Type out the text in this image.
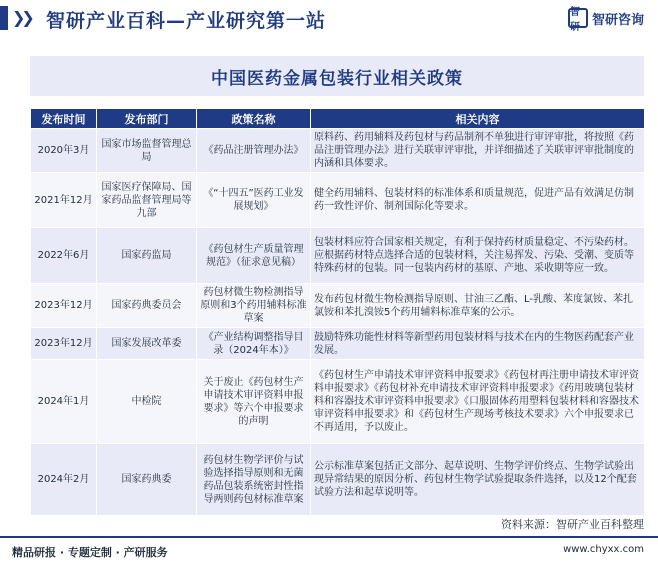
❯❯ 智研产业百科—产业研究第一站	智研 智研咨询
中国医药金属包装行业相关政策
发布时间	发布部门	政策名称	相关内容
2020年3月	国家市场监督管理总局	《药品注册管理办法》	原料药、药用辅料及药包材与药品制剂不单独进行审评审批，将按照《药品注册管理办法》进行关联审评审批，并详细描述了关联审评审批制度的内涵和具体要求。
2021年12月	国家医疗保障局、国家药品监督管理局等九部	《“十四五”医药工业发展规划》	健全药用辅料、包装材料的标准体系和质量规范，促进产品有效满足仿制药一致性评价、制剂国际化等要求。
2022年6月	国家药监局	《药包材生产质量管理规范》（征求意见稿）	包装材料应符合国家相关规定，有利于保持药材质量稳定、不污染药材。应根据药材特点选择合适的包装材料，关注易挥发、污染、受潮、变质等特殊药材的包装。同一包装内药材的基原、产地、采收期等应一致。
2023年12月	国家药典委员会	药包材微生物检测指导原则和3个药用辅料标准草案	发布药包材微生物检测指导原则、甘油三乙酯、L-乳酸、苯度氯铵、苯扎氯铵和苯扎溴铵5个药用辅料标准草案的公示。
2023年12月	国家发展改革委	《产业结构调整指导目录（2024年本）》	鼓励特殊功能性材料等新型药用包装材料与技术在内的生物医药配套产业发展。
2024年1月	中检院	关于废止《药包材生产申请技术审评资料申报要求》等六个申报要求的声明	《药包材生产申请技术审评资料申报要求》《药包材再注册申请技术审评资料申报要求》《药包材补充申请技术审评资料申报要求》《药用玻璃包装材料和容器技术审评资料申报要求》《口服固体药用塑料包装材料和容器技术审评资料申报要求》和《药包材生产现场考核技术要求》六个申报要求已不再适用，予以废止。
2024年2月	国家药典委	药包材生物学评价与试验选择指导原则和无菌药品包装系统密封性指导两则药包材标准草案	公示标准草案包括正文部分、起草说明、生物学评价终点、生物学试验出现异常结果的原因分析、药包材生物学试验提取条件选择，以及12个配套试验方法和起草说明等。
资料来源：智研产业百科整理
精品研报 · 专题定制 · 产研服务	www.chyxx.com
